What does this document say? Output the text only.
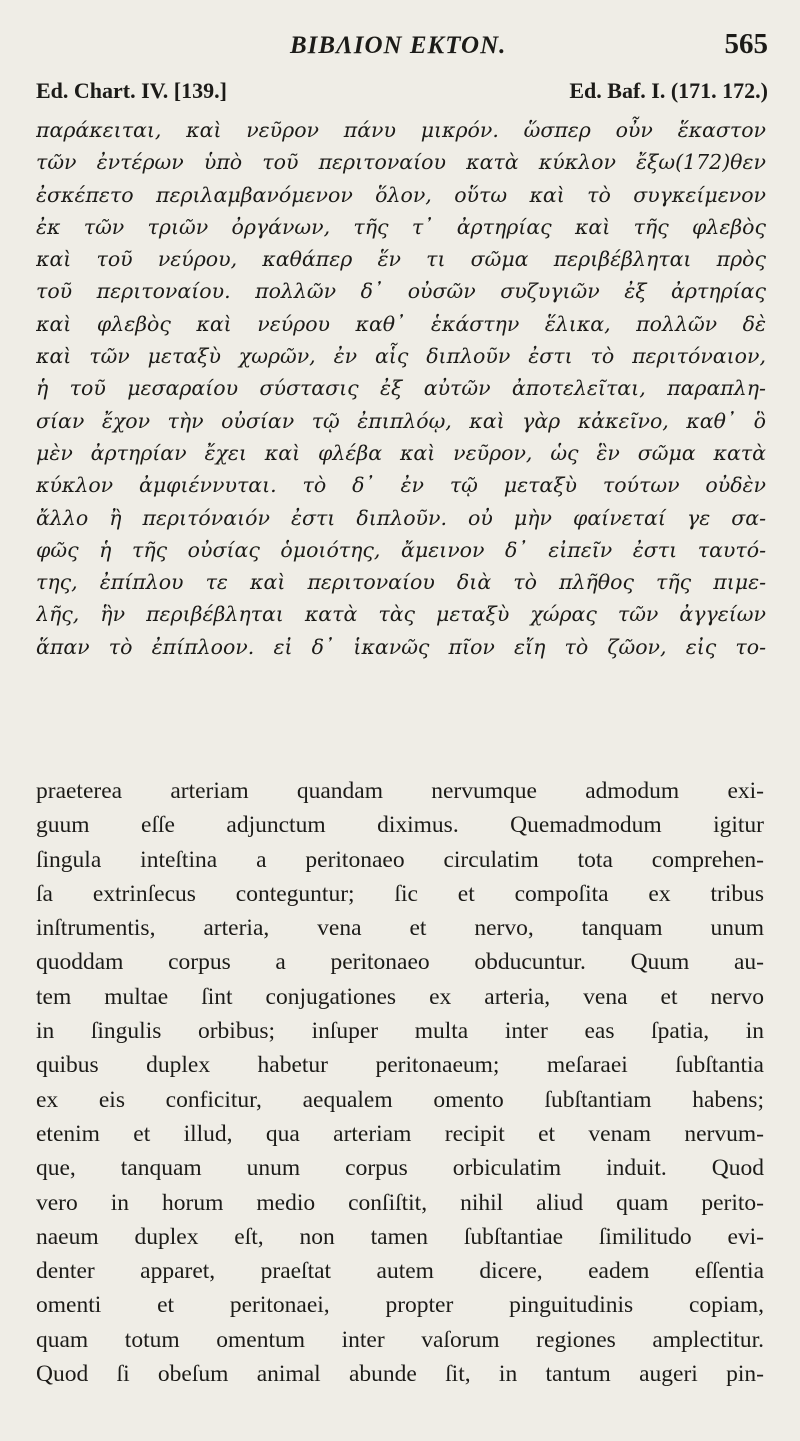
ΒΙΒΛΙΟΝ ΕΚΤΟΝ.	565
Ed. Chart. IV. [139.]	Ed. Baf. I. (171. 172.)
παράκειται, καὶ νεῦρον πάνυ μικρόν. ὥσπερ οὖν ἕκαστον
τῶν ἐντέρων ὑπὸ τοῦ περιτοναίου κατὰ κύκλον ἔξω(172)θεν
ἐσκέπετο περιλαμβανόμενον ὅλον, οὕτω καὶ τὸ συγκείμενον
ἐκ τῶν τριῶν ὀργάνων, τῆς τ᾽ ἀρτηρίας καὶ τῆς φλεβὸς
καὶ τοῦ νεύρου, καθάπερ ἕν τι σῶμα περιβέβληται πρὸς
τοῦ περιτοναίου. πολλῶν δ᾽ οὐσῶν συζυγιῶν ἐξ ἀρτηρίας
καὶ φλεβὸς καὶ νεύρου καθ᾽ ἑκάστην ἕλικα, πολλῶν δὲ
καὶ τῶν μεταξὺ χωρῶν, ἐν αἷς διπλοῦν ἐστι τὸ περιτόναιον,
ἡ τοῦ μεσαραίου σύστασις ἐξ αὐτῶν ἀποτελεῖται, παραπλη-
σίαν ἔχον τὴν οὐσίαν τῷ ἐπιπλόῳ, καὶ γὰρ κἀκεῖνο, καθ᾽ ὃ
μὲν ἀρτηρίαν ἔχει καὶ φλέβα καὶ νεῦρον, ὡς ἓν σῶμα κατὰ
κύκλον ἀμφιέννυται. τὸ δ᾽ ἐν τῷ μεταξὺ τούτων οὐδὲν
ἄλλο ἢ περιτόναιόν ἐστι διπλοῦν. οὐ μὴν φαίνεταί γε σα-
φῶς ἡ τῆς οὐσίας ὁμοιότης, ἄμεινον δ᾽ εἰπεῖν ἐστι ταυτό-
της, ἐπίπλου τε καὶ περιτοναίου διὰ τὸ πλῆθος τῆς πιμε-
λῆς, ἣν περιβέβληται κατὰ τὰς μεταξὺ χώρας τῶν ἀγγείων
ἅπαν τὸ ἐπίπλοον. εἰ δ᾽ ἱκανῶς πῖον εἴη τὸ ζῶον, εἰς το-
praeterea arteriam quandam nervumque admodum exi-
guum eſſe adjunctum diximus. Quemadmodum igitur
ſingula inteſtina a peritonaeo circulatim tota comprehen-
ſa extrinſecus conteguntur; ſic et compoſita ex tribus
inſtrumentis, arteria, vena et nervo, tanquam unum
quoddam corpus a peritonaeo obducuntur. Quum au-
tem multae ſint conjugationes ex arteria, vena et nervo
in ſingulis orbibus; inſuper multa inter eas ſpatia, in
quibus duplex habetur peritonaeum; meſaraei ſubſtantia
ex eis conficitur, aequalem omento ſubſtantiam habens;
etenim et illud, qua arteriam recipit et venam nervum-
que, tanquam unum corpus orbiculatim induit. Quod
vero in horum medio conſiſtit, nihil aliud quam perito-
naeum duplex eſt, non tamen ſubſtantiae ſimilitudo evi-
denter apparet, praeſtat autem dicere, eadem eſſentia
omenti et peritonaei, propter pinguitudinis copiam,
quam totum omentum inter vaſorum regiones amplectitur.
Quod ſi obeſum animal abunde ſit, in tantum augeri pin-
